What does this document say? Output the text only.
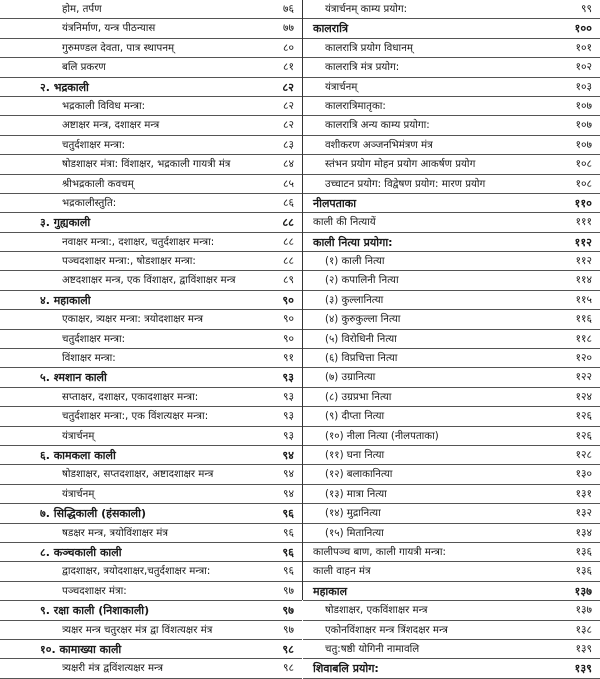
होम, तर्पण	७६
यंत्रनिर्माण, यन्त्र पीठन्यास	७७
गुरुमण्डल देवता, पात्र स्थापनम्	८०
बलि प्रकरण	८१
२. भद्रकाली	८२
भद्रकाली विविध मन्त्रा:	८२
अष्टाक्षर मन्त्र, दशाक्षर मन्त्र	८२
चतुर्दशाक्षर मन्त्रा:	८३
षोडशाक्षर मंत्रा: विंशाक्षर, भद्रकाली गायत्री मंत्र	८४
श्रीभद्रकाली कवचम्	८५
भद्रकालीस्तुति:	८६
३. गुह्यकाली	८८
नवाक्षर मन्त्रा:, दशाक्षर, चतुर्दशाक्षर मन्त्रा:	८८
पञ्चदशाक्षर मन्त्रा:, षोडशाक्षर मन्त्रा:	८८
अष्टदशाक्षर मन्त्र, एक विंशाक्षर, द्वाविंशाक्षर मन्त्र	८९
४. महाकाली	९०
एकाक्षर, त्र्यक्षर मन्त्रा: त्रयोदशाक्षर मन्त्र	९०
चतुर्दशाक्षर मन्त्रा:	९०
विंशाक्षर मन्त्रा:	९१
५. श्मशान काली	९३
सप्ताक्षर, दशाक्षर, एकादशाक्षर मन्त्रा:	९३
चतुर्दशाक्षर मन्त्रा:, एक विंशत्यक्षर मन्त्रा:	९३
यंत्रार्चनम्	९३
६. कामकला काली	९४
षोडशाक्षर, सप्तदशाक्षर, अष्टादशाक्षर मन्त्र	९४
यंत्रार्चनम्	९४
७. सिद्धिकाली (हंसकाली)	९६
षडक्षर मन्त्र, त्रयोविंशाक्षर मंत्र	९६
८. कञ्चकाली काली	९६
द्वादशाक्षर, त्रयोदशाक्षर,चतुर्दशाक्षर मन्त्रा:	९६
पञ्चदशाक्षर मंत्रा:	९७
९. रक्षा काली (निशाकाली)	९७
त्र्यक्षर मन्त्र चतुरक्षर मंत्र द्वा विंशत्यक्षर मंत्र	९७
१०. कामाख्या काली	९८
त्र्यक्षरी मंत्र द्वविंशत्यक्षर मन्त्र	९८
यंत्रार्चनम् काम्य प्रयोग:	९९
कालरात्रि	१००
कालरात्रि प्रयोग विधानम्	१०१
कालरात्रि मंत्र प्रयोग:	१०२
यंत्रार्चनम्	१०३
कालरात्रिमातृका:	१०७
कालरात्रि अन्य काम्य प्रयोगा:	१०७
वशीकरण अञ्जनभिमंत्रण मंत्र	१०७
स्तंभन प्रयोग मोहन प्रयोग आकर्षण प्रयोग	१०८
उच्चाटन प्रयोग: विद्वेषण प्रयोग: मारण प्रयोग	१०८
नीलपताका	११०
काली की नित्यायें	१११
काली नित्या प्रयोगा:	११२
(१) काली नित्या	११२
(२) कपालिनी नित्या	११४
(३) कुल्लानित्या	११५
(४) कुरुकुल्ला नित्या	११६
(५) विरोधिनी नित्या	११८
(६) विप्रचित्ता नित्या	१२०
(७) उग्रानित्या	१२२
(८) उग्रप्रभा नित्या	१२४
(९) दीप्ता नित्या	१२६
(१०) नीला नित्या (नीलपताका)	१२६
(११) घना नित्या	१२८
(१२) बलाकानित्या	१३०
(१३) मात्रा नित्या	१३१
(१४) मुद्रानित्या	१३२
(१५) मितानित्या	१३४
कालीपञ्च बाण, काली गायत्री मन्त्रा:	१३६
काली वाहन मंत्र	१३६
महाकाल	१३७
षोडशाक्षर, एकविंशाक्षर मन्त्र	१३७
एकोनविंशाक्षर मन्त्र त्रिंशदक्षर मन्त्र	१३८
चतु:षष्ठी योगिनी नामावलि	१३९
शिवाबलि प्रयोग:	१३९
